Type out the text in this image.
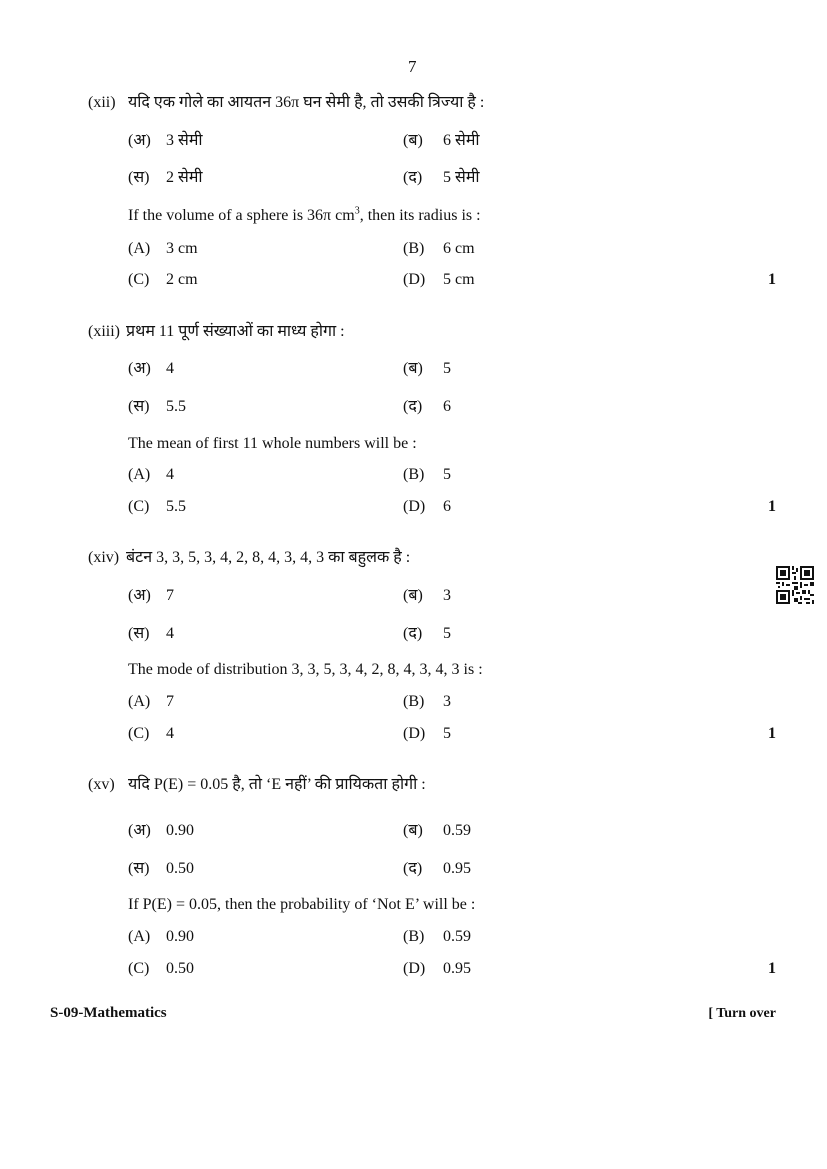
7
(xii) यदि एक गोले का आयतन 36π घन सेमी है, तो उसकी त्रिज्या है :
(अ) 3 सेमी	(ब) 6 सेमी
(स) 2 सेमी	(द) 5 सेमी
If the volume of a sphere is 36π $cm^3$, then its radius is :
(A) 3 cm	(B) 6 cm
(C) 2 cm	(D) 5 cm	1
(xiii) प्रथम 11 पूर्ण संख्याओं का माध्य होगा :
(अ) 4	(ब) 5
(स) 5.5	(द) 6
The mean of first 11 whole numbers will be :
(A) 4	(B) 5
(C) 5.5	(D) 6	1
(xiv) बंटन 3, 3, 5, 3, 4, 2, 8, 4, 3, 4, 3 का बहुलक है :
(अ) 7	(ब) 3
(स) 4	(द) 5
The mode of distribution 3, 3, 5, 3, 4, 2, 8, 4, 3, 4, 3 is :
(A) 7	(B) 3
(C) 4	(D) 5	1
(xv) यदि P(E) = 0.05 है, तो ‘E नहीं’ की प्रायिकता होगी :
(अ) 0.90	(ब) 0.59
(स) 0.50	(द) 0.95
If P(E) = 0.05, then the probability of ‘Not E’ will be :
(A) 0.90	(B) 0.59
(C) 0.50	(D) 0.95	1
S-09-Mathematics	[ Turn over
